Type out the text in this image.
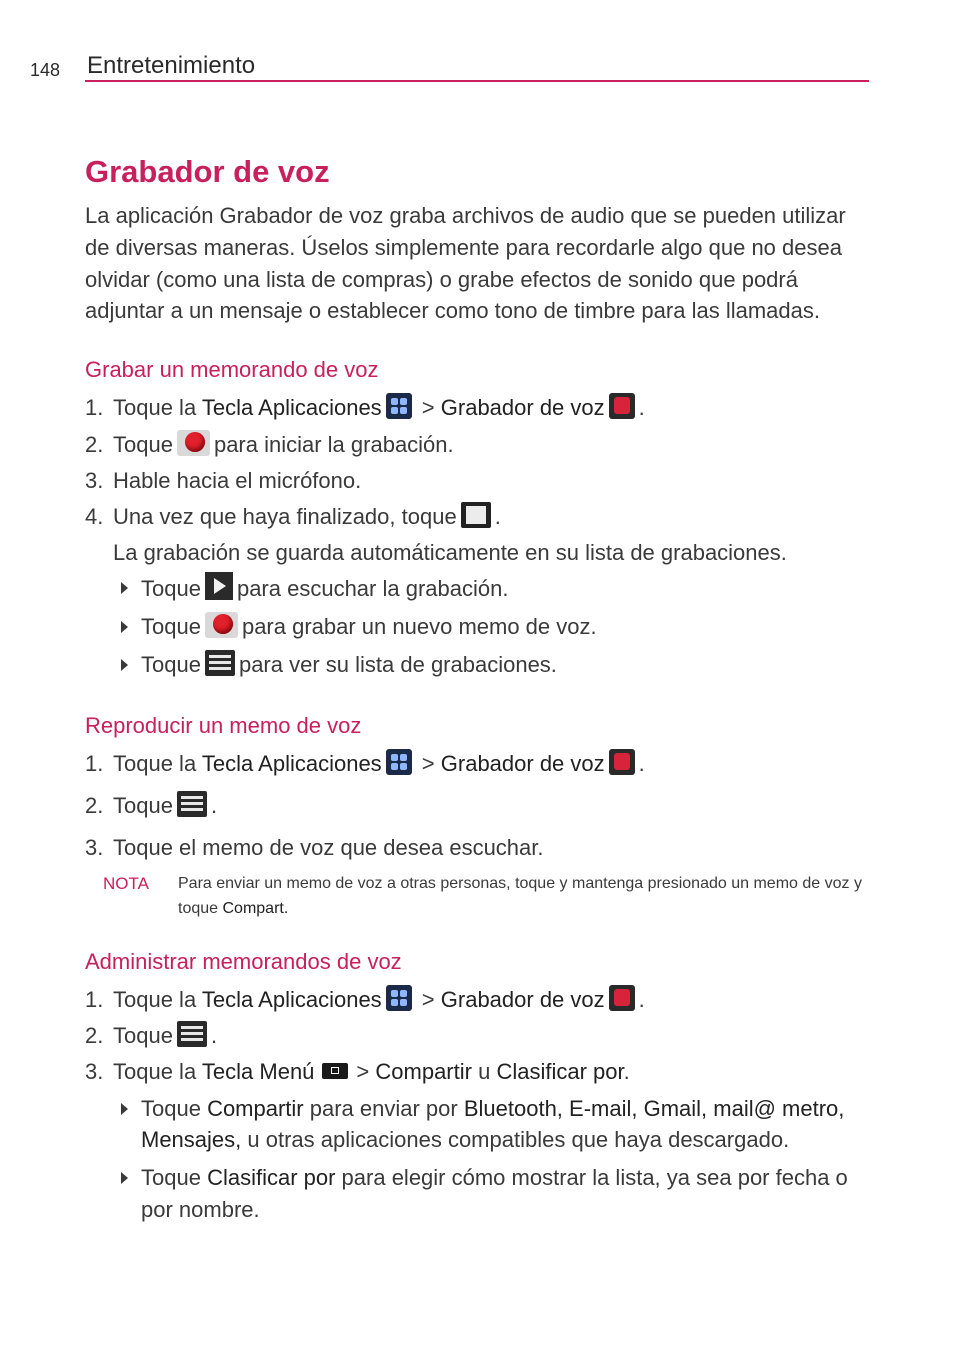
148 Entretenimiento
Grabador de voz

La aplicación Grabador de voz graba archivos de audio que se pueden utilizar de diversas maneras. Úselos simplemente para recordarle algo que no desea olvidar (como una lista de compras) o grabe efectos de sonido que podrá adjuntar a un mensaje o establecer como tono de timbre para las llamadas.

Grabar un memorando de voz
1. Toque la Tecla Aplicaciones
> Grabador de voz .
2. Toque para iniciar la grabación.
3. Hable hacia el micrófono.
4. Una vez que haya finalizado, toque .
La grabación se guarda automáticamente en su lista de grabaciones.
Toque para escuchar la grabación.
Toque para grabar un nuevo memo de voz.
Toque para ver su lista de grabaciones.
Reproducir un memo de voz
1. Toque la Tecla Aplicaciones
> Grabador de voz .
2. Toque .
3. Toque el memo de voz que desea escuchar.
NOTA Para enviar un memo de voz a otras personas, toque y mantenga presionado un memo de voz y toque Compart.
Administrar memorandos de voz
1. Toque la Tecla Aplicaciones
> Grabador de voz .
2. Toque .
3. Toque la Tecla Menú > Compartir u Clasificar por.
Toque Compartir para enviar por Bluetooth, E-mail, Gmail, mail@ metro, Mensajes, u otras aplicaciones compatibles que haya descargado.
Toque Clasificar por para elegir cómo mostrar la lista, ya sea por fecha o por nombre.
